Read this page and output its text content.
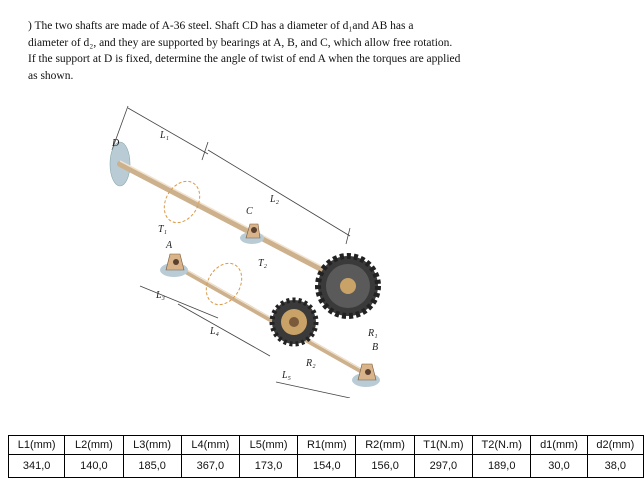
) The two shafts are made of A-36 steel. Shaft CD has a diameter of d₁and AB has a
diameter of d₂, and they are supported by bearings at A, B, and C, which allow free rotation.
If the support at D is fixed, determine the angle of twist of end A when the torques are applied
as shown.

D
L₁
L₂
C
T₁
A
T₂
L₃
L₄	R₁
B
R₂
L₅
L1(mm)	L2(mm)	L3(mm)	L4(mm)	L5(mm)	R1(mm)	R2(mm)	T1(N.m)	T2(N.m)	d1(mm)	d2(mm)
341,0	140,0	185,0	367,0	173,0	154,0	156,0	297,0	189,0	30,0	38,0
